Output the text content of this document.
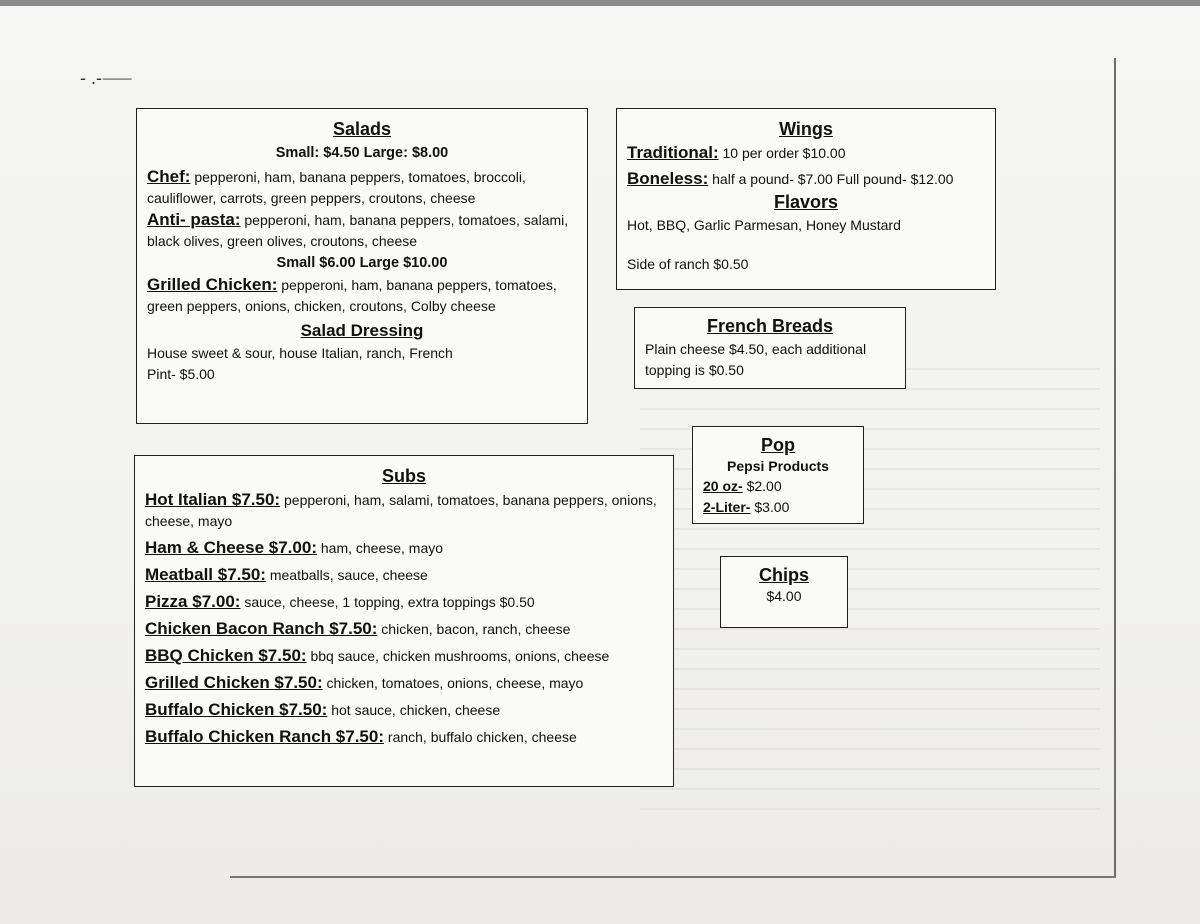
- .-⸺
Salads
Small: $4.50 Large: $8.00

Chef: pepperoni, ham, banana peppers, tomatoes, broccoli, cauliflower, carrots, green peppers, croutons, cheese

Anti- pasta: pepperoni, ham, banana peppers, tomatoes, salami, black olives, green olives, croutons, cheese

Small $6.00 Large $10.00

Grilled Chicken: pepperoni, ham, banana peppers, tomatoes, green peppers, onions, chicken, croutons, Colby cheese

Salad Dressing

House sweet & sour, house Italian, ranch, French

Pint- $5.00

Wings

Traditional: 10 per order $10.00

Boneless: half a pound- $7.00 Full pound- $12.00

Flavors

Hot, BBQ, Garlic Parmesan, Honey Mustard

Side of ranch $0.50

French Breads

Plain cheese $4.50, each additional topping is $0.50

Pop
Pepsi Products

20 oz- $2.00

2-Liter- $3.00

Chips
$4.00
Subs

Hot Italian $7.50: pepperoni, ham, salami, tomatoes, banana peppers, onions, cheese, mayo

Ham & Cheese $7.00: ham, cheese, mayo

Meatball $7.50: meatballs, sauce, cheese

Pizza $7.00: sauce, cheese, 1 topping, extra toppings $0.50

Chicken Bacon Ranch $7.50: chicken, bacon, ranch, cheese

BBQ Chicken $7.50: bbq sauce, chicken mushrooms, onions, cheese

Grilled Chicken $7.50: chicken, tomatoes, onions, cheese, mayo

Buffalo Chicken $7.50: hot sauce, chicken, cheese

Buffalo Chicken Ranch $7.50: ranch, buffalo chicken, cheese
